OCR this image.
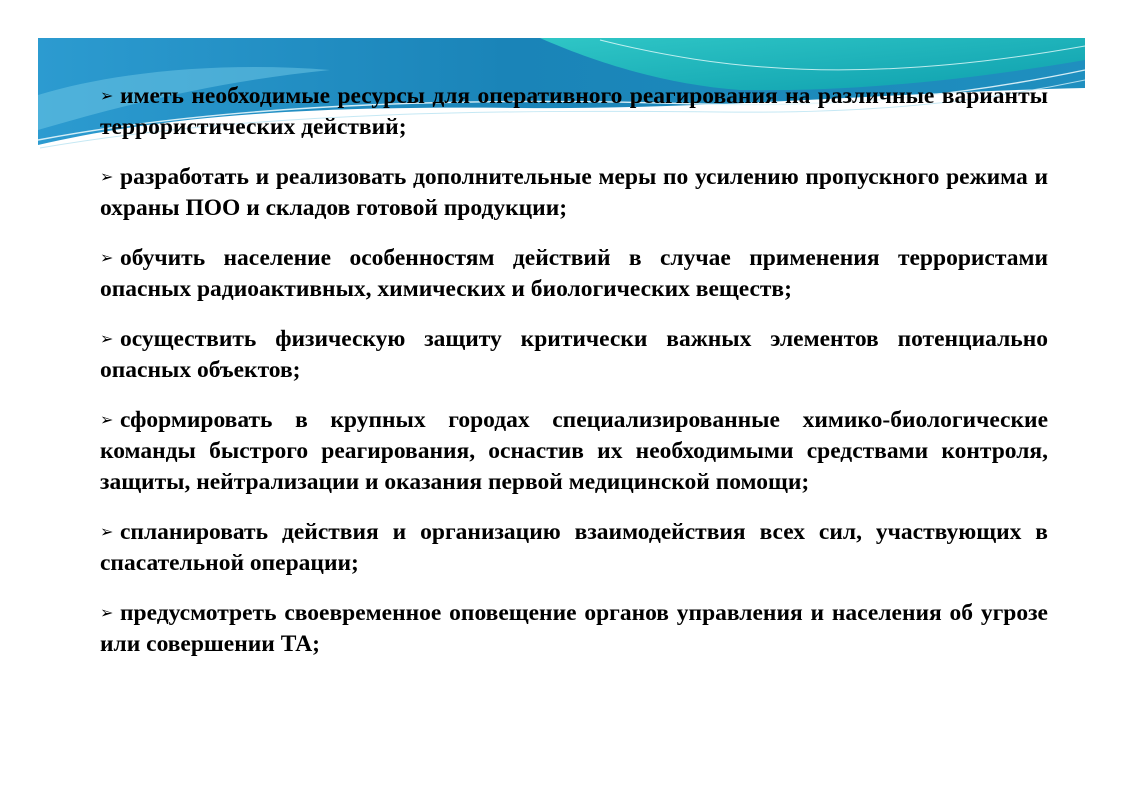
➢ иметь необходимые ресурсы для оперативного реагирования на различные варианты террористических действий;

➢ разработать и реализовать дополнительные меры по усилению пропускного режима и охраны ПОО и складов готовой продукции;

➢ обучить население особенностям действий в случае применения террористами опасных радиоактивных, химических и биологических веществ;

➢ осуществить физическую защиту критически важных элементов потенциально опасных объектов;

➢ сформировать в крупных городах специализированные химико-биологические команды быстрого реагирования, оснастив их необходимыми средствами контроля, защиты, нейтрализации и оказания первой медицинской помощи;

➢ спланировать действия и организацию взаимодействия всех сил, участвующих в спасательной операции;

➢ предусмотреть своевременное оповещение органов управления и населения об угрозе или совершении ТА;
